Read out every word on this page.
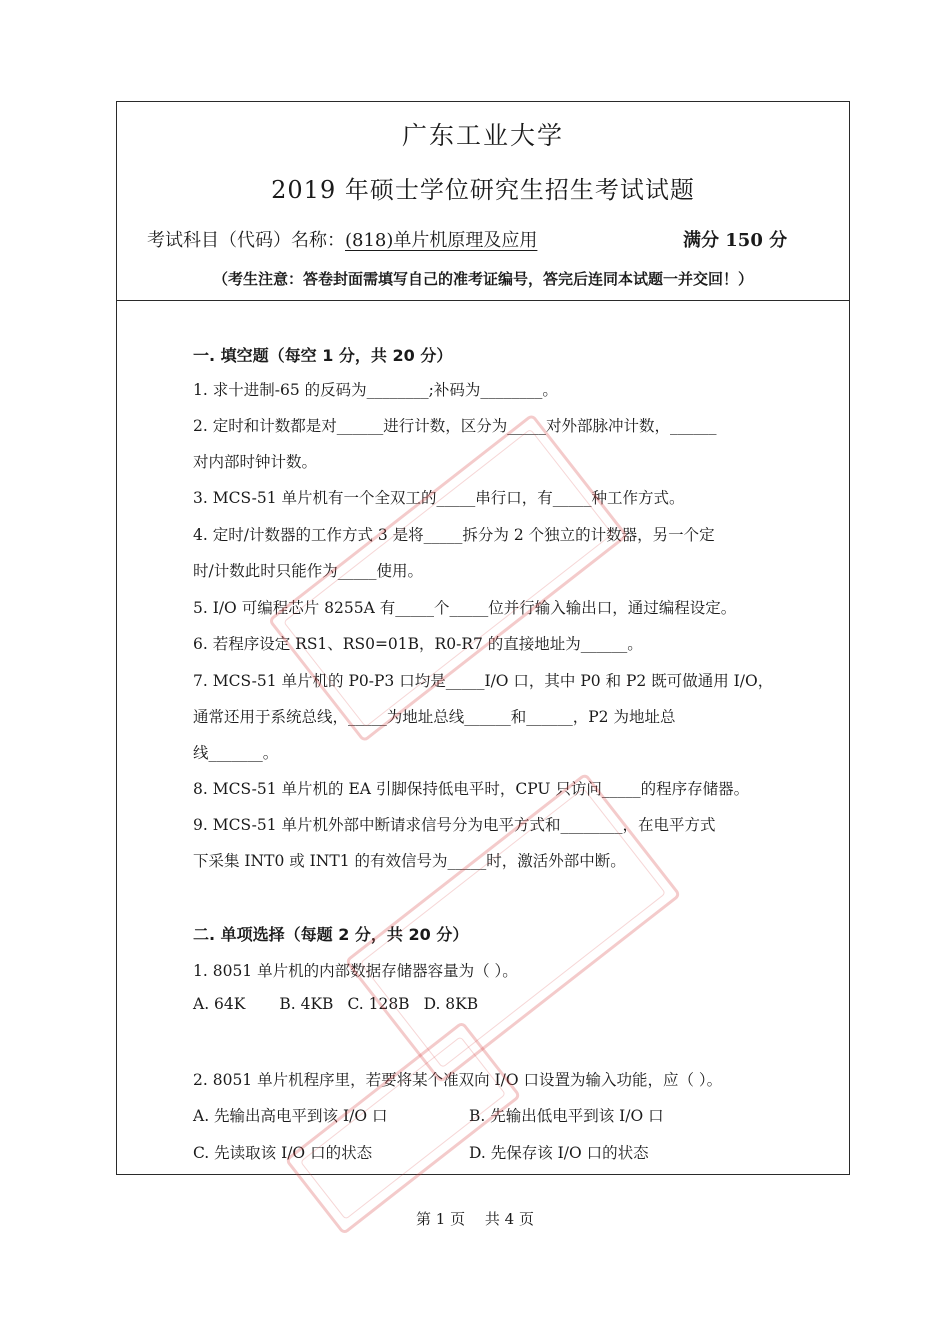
广东工业大学
2019 年硕士学位研究生招生考试试题
考试科目（代码）名称：(818)单片机原理及应用	满分 150 分
（考生注意：答卷封面需填写自己的准考证编号，答完后连同本试题一并交回！）
一. 填空题（每空 1 分，共 20 分）
1. 求十进制-65 的反码为________;补码为________。
2. 定时和计数都是对______进行计数，区分为_____对外部脉冲计数，______
对内部时钟计数。
3. MCS-51 单片机有一个全双工的_____串行口，有_____种工作方式。
4. 定时/计数器的工作方式 3 是将_____拆分为 2 个独立的计数器，另一个定
时/计数此时只能作为_____使用。
5. I/O 可编程芯片 8255A 有_____个_____位并行输入输出口，通过编程设定。
6. 若程序设定 RS1、RS0=01B，R0-R7 的直接地址为______。
7. MCS-51 单片机的 P0-P3 口均是_____I/O 口，其中 P0 和 P2 既可做通用 I/O，
通常还用于系统总线，_____为地址总线______和______，P2 为地址总
线_______。
8. MCS-51 单片机的 EA 引脚保持低电平时，CPU 只访问_____的程序存储器。
9. MCS-51 单片机外部中断请求信号分为电平方式和________，在电平方式
下采集 INT0 或 INT1 的有效信号为_____时，激活外部中断。
二. 单项选择（每题 2 分，共 20 分）
1. 8051 单片机的内部数据存储器容量为（ ）。
A. 64K B. 4KB C. 128B D. 8KB
2. 8051 单片机程序里，若要将某个准双向 I/O 口设置为输入功能，应（ ）。
A. 先输出高电平到该 I/O 口	B. 先输出低电平到该 I/O 口
C. 先读取该 I/O 口的状态	D. 先保存该 I/O 口的状态
第 1 页　 共 4 页
